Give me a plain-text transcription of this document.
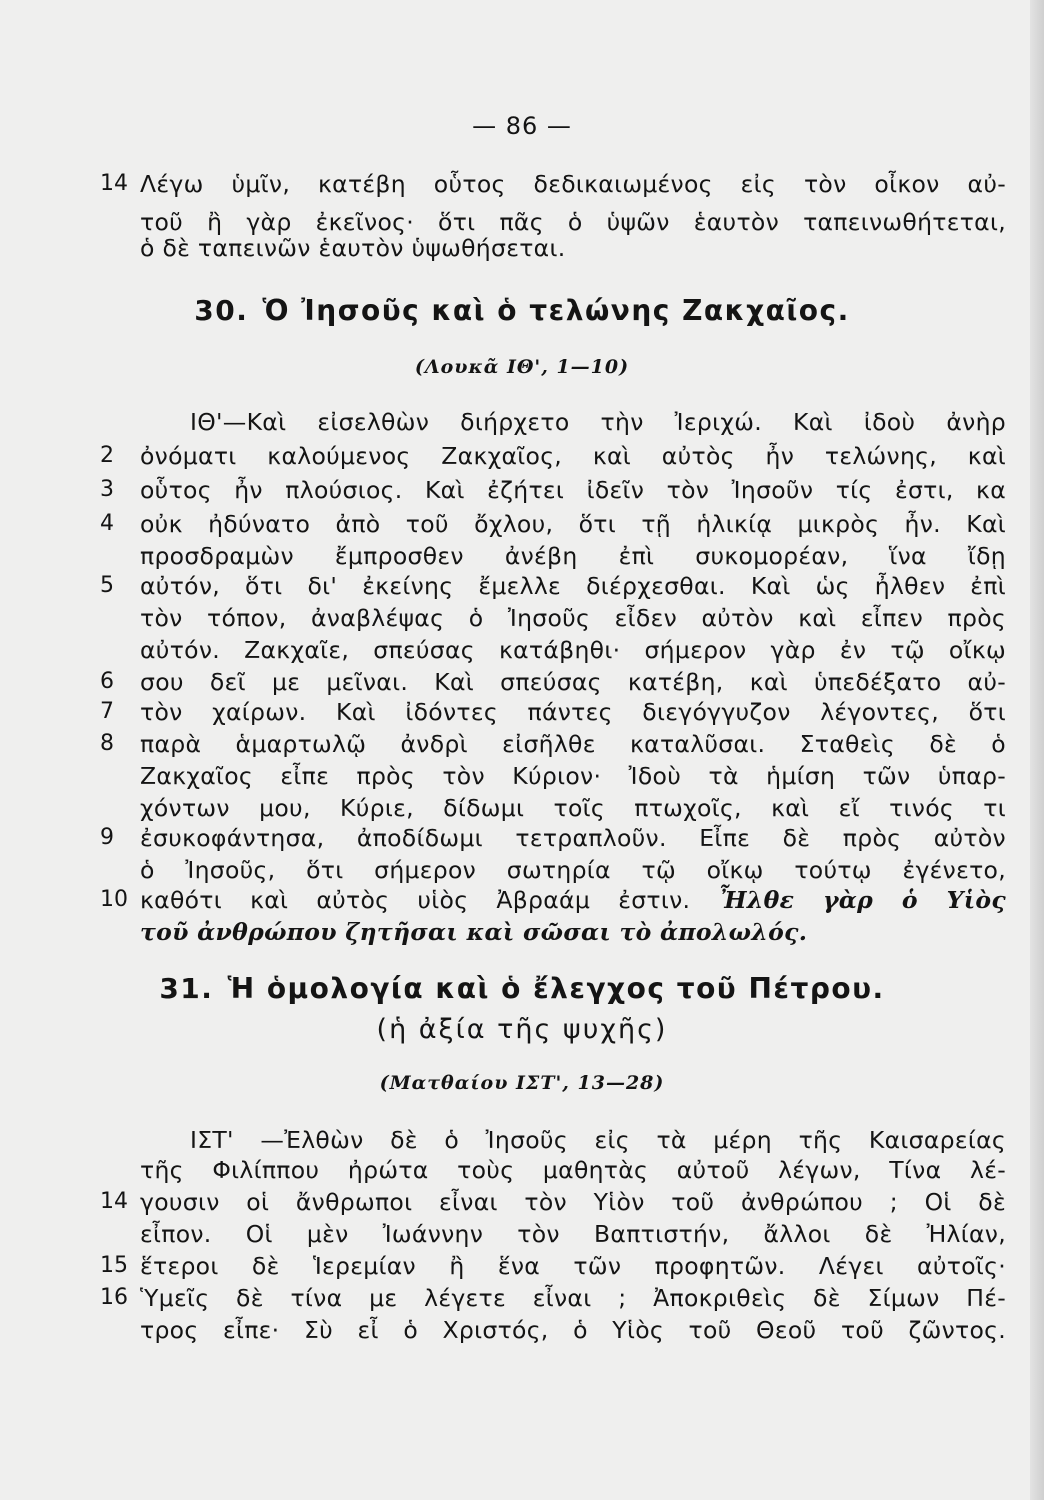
— 86 —
14 Λέγω ὑμῖν, κατέβη οὗτος δεδικαιωμένος εἰς τὸν οἶκον αὐ-
τοῦ ἢ γὰρ ἐκεῖνος· ὅτι πᾶς ὁ ὑψῶν ἑαυτὸν ταπεινωθήτεται,
ὁ δὲ ταπεινῶν ἑαυτὸν ὑψωθήσεται.
30. Ὁ Ἰησοῦς καὶ ὁ τελώνης Ζακχαῖος.
(Λουκᾶ ΙΘ', 1—10)
ΙΘ'—Καὶ εἰσελθὼν διήρχετο τὴν Ἰεριχώ. Καὶ ἰδοὺ ἀνὴρ
2	ὀνόματι καλούμενος Ζακχαῖος, καὶ αὐτὸς ἦν τελώνης, καὶ
3	οὗτος ἦν πλούσιος. Καὶ ἐζήτει ἰδεῖν τὸν Ἰησοῦν τίς ἐστι, κα
4	οὐκ ἠδύνατο ἀπὸ τοῦ ὄχλου, ὅτι τῇ ἡλικίᾳ μικρὸς ἦν. Καὶ
προσδραμὼν ἔμπροσθεν ἀνέβη ἐπὶ συκομορέαν, ἵνα ἴδῃ
5	αὐτόν, ὅτι δι' ἐκείνης ἔμελλε διέρχεσθαι. Καὶ ὡς ἦλθεν ἐπὶ
τὸν τόπον, ἀναβλέψας ὁ Ἰησοῦς εἶδεν αὐτὸν καὶ εἶπεν πρὸς
αὐτόν. Ζακχαῖε, σπεύσας κατάβηθι· σήμερον γὰρ ἐν τῷ οἴκῳ
6	σου δεῖ με μεῖναι. Καὶ σπεύσας κατέβη, καὶ ὑπεδέξατο αὐ-
7	τὸν χαίρων. Καὶ ἰδόντες πάντες διεγόγγυζον λέγοντες, ὅτι
8	παρὰ ἁμαρτωλῷ ἀνδρὶ εἰσῆλθε καταλῦσαι. Σταθεὶς δὲ ὁ
Ζακχαῖος εἶπε πρὸς τὸν Κύριον· Ἰδοὺ τὰ ἡμίση τῶν ὑπαρ-
χόντων μου, Κύριε, δίδωμι τοῖς πτωχοῖς, καὶ εἴ τινός τι
9	ἐσυκοφάντησα, ἀποδίδωμι τετραπλοῦν. Εἶπε δὲ πρὸς αὐτὸν
ὁ Ἰησοῦς, ὅτι σήμερον σωτηρία τῷ οἴκῳ τούτῳ ἐγένετο,
10 καθότι καὶ αὐτὸς υἱὸς Ἀβραάμ ἐστιν. Ἦλθε γὰρ ὁ Υἱὸς
τοῦ ἀνθρώπου ζητῆσαι καὶ σῶσαι τὸ ἀπολωλός.
31. Ἡ ὁμολογία καὶ ὁ ἔλεγχος τοῦ Πέτρου.
(ἡ ἀξία τῆς ψυχῆς)
(Ματθαίου ΙΣΤ', 13—28)
ΙΣΤ' —Ἐλθὼν δὲ ὁ Ἰησοῦς εἰς τὰ μέρη τῆς Καισαρείας
τῆς Φιλίππου ἠρώτα τοὺς μαθητὰς αὐτοῦ λέγων, Τίνα λέ-
14 γουσιν οἱ ἄνθρωποι εἶναι τὸν Υἱὸν τοῦ ἀνθρώπου ; Οἱ δὲ
εἶπον. Οἱ μὲν Ἰωάννην τὸν Βαπτιστήν, ἄλλοι δὲ Ἠλίαν,
15 ἕτεροι δὲ Ἱερεμίαν ἢ ἕνα τῶν προφητῶν. Λέγει αὐτοῖς·
16 Ὑμεῖς δὲ τίνα με λέγετε εἶναι ; Ἀποκριθεὶς δὲ Σίμων Πέ-
τρος εἶπε· Σὺ εἶ ὁ Χριστός, ὁ Υἱὸς τοῦ Θεοῦ τοῦ ζῶντος.
